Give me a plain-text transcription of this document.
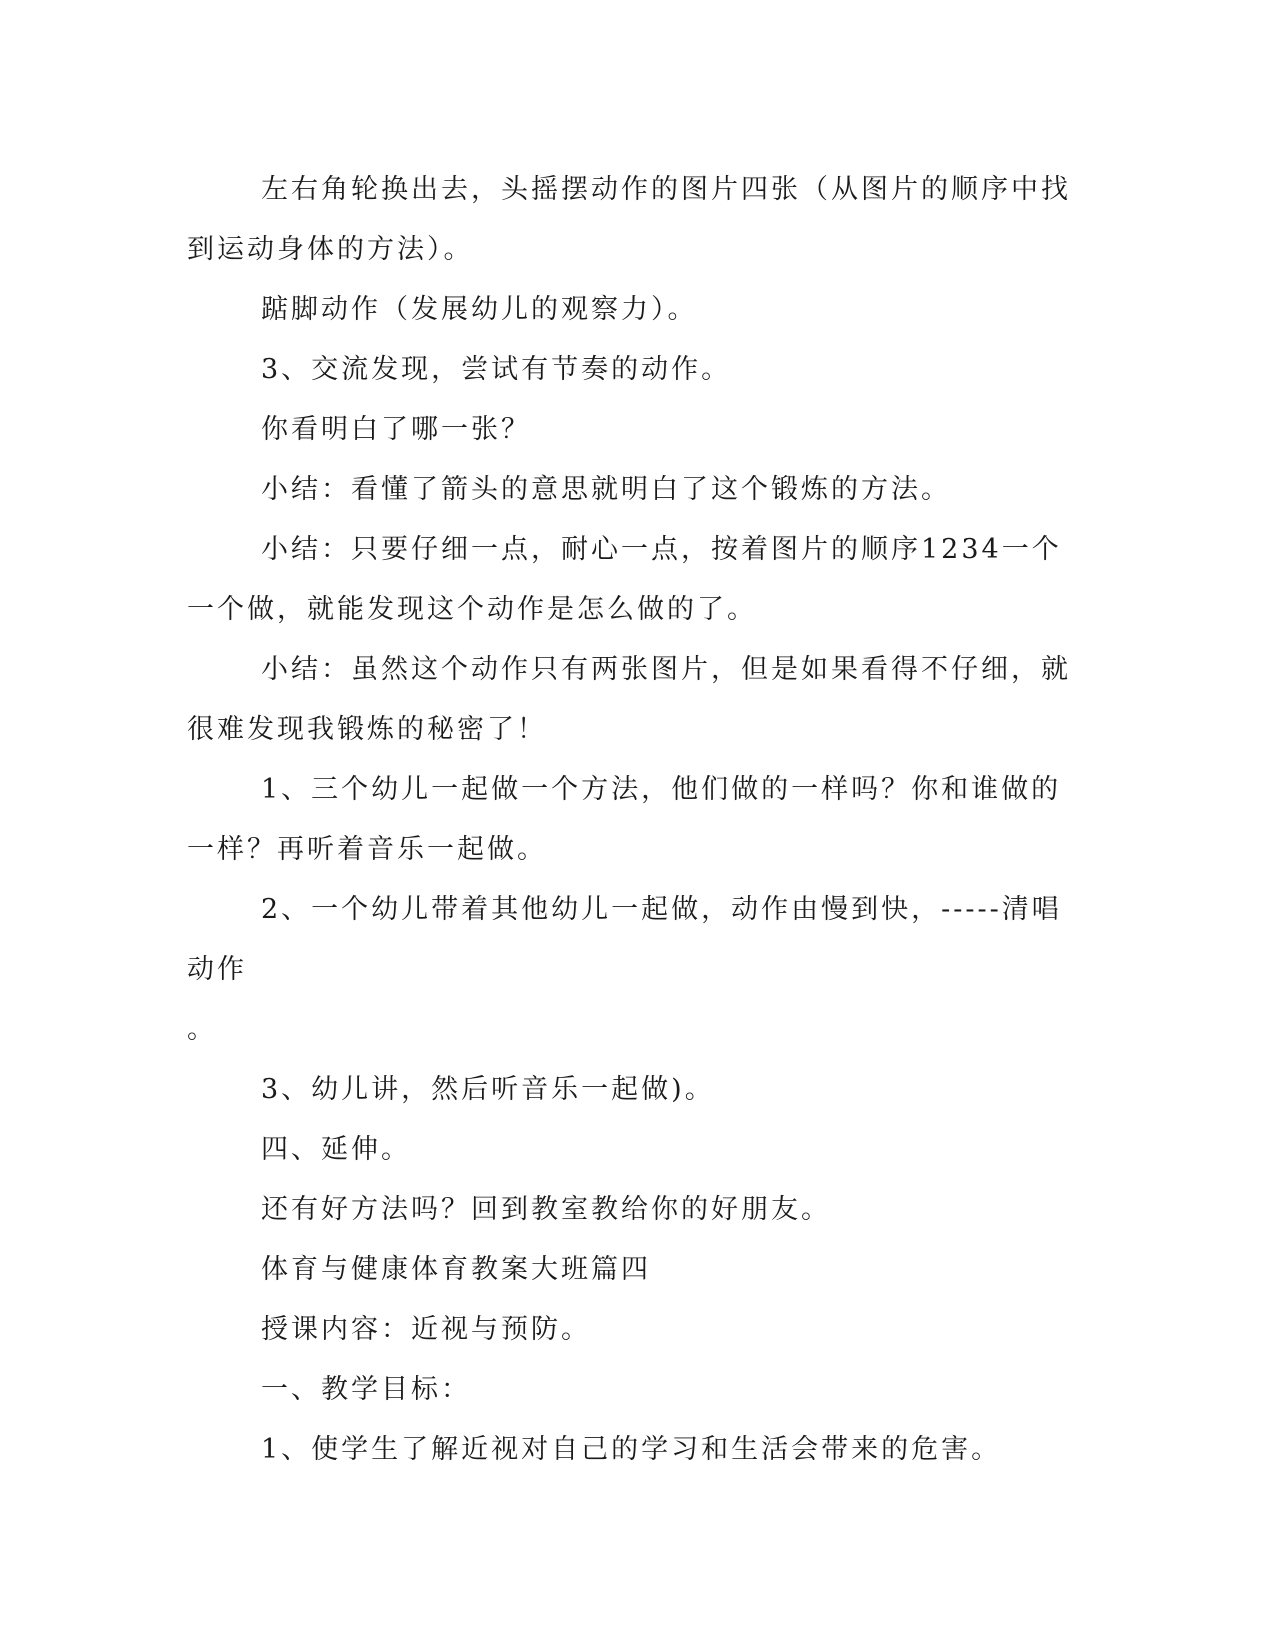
左右角轮换出去，头摇摆动作的图片四张（从图片的顺序中找到运动身体的方法）。

踮脚动作（发展幼儿的观察力）。

3、交流发现，尝试有节奏的动作。

你看明白了哪一张？

小结：看懂了箭头的意思就明白了这个锻炼的方法。

小结：只要仔细一点，耐心一点，按着图片的顺序1234一个一个做，就能发现这个动作是怎么做的了。

小结：虽然这个动作只有两张图片，但是如果看得不仔细，就很难发现我锻炼的秘密了！

1、三个幼儿一起做一个方法，他们做的一样吗？你和谁做的一样？再听着音乐一起做。

2、一个幼儿带着其他幼儿一起做，动作由慢到快，-----清唱动作

。

3、幼儿讲，然后听音乐一起做)。

四、延伸。

还有好方法吗？回到教室教给你的好朋友。

体育与健康体育教案大班篇四

授课内容：近视与预防。

一、教学目标：

1、使学生了解近视对自己的学习和生活会带来的危害。
